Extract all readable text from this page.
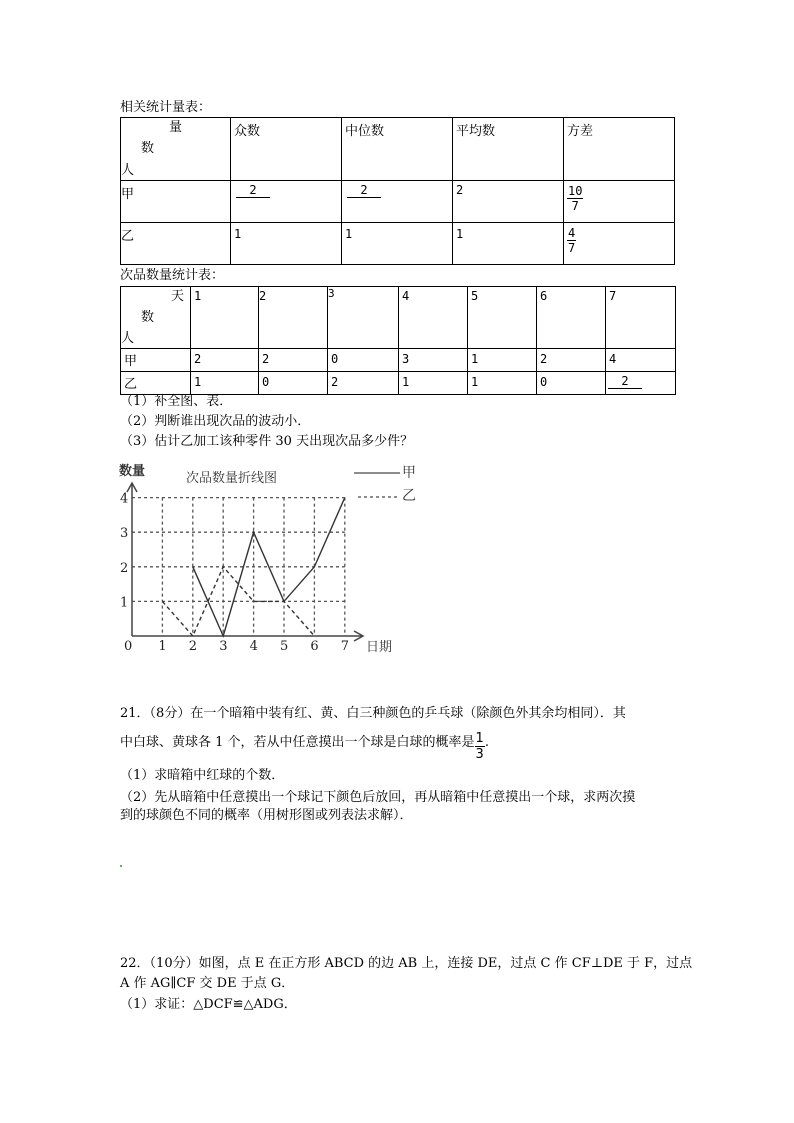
相关统计量表：
量
数
人	众数	中位数	平均数	方差

甲	2	2	2	$\frac{10}{7}$

乙	1	1	1	$\frac{4}{7}$
次品数量统计表：
天
数
人	1	2	3	4	5	6	7

甲	2	2	0	3	1	2	4

乙	1	0	2	1	1	0	2
（1）补全图、表．
（2）判断谁出现次品的波动小．
（3）估计乙加工该种零件 30 天出现次品多少件？
0 1 2 3 4 5 6 7
1
2
3
4
数量	次品数量折线图
日期
甲
乙
21．（8分）在一个暗箱中装有红、黄、白三种颜色的乒乓球（除颜色外其余均相同）．其
中白球、黄球各 1 个，若从中任意摸出一个球是白球的概率是 $\frac{1}{3}$ .
（1）求暗箱中红球的个数．
（2）先从暗箱中任意摸出一个球记下颜色后放回，再从暗箱中任意摸出一个球，求两次摸
到的球颜色不同的概率（用树形图或列表法求解）．
22．（10分）如图，点 E 在正方形 ABCD 的边 AB 上，连接 DE，过点 C 作 CF⊥DE 于 F，过点
A 作 AG∥CF 交 DE 于点 G．
（1）求证：△DCF≌△ADG．
